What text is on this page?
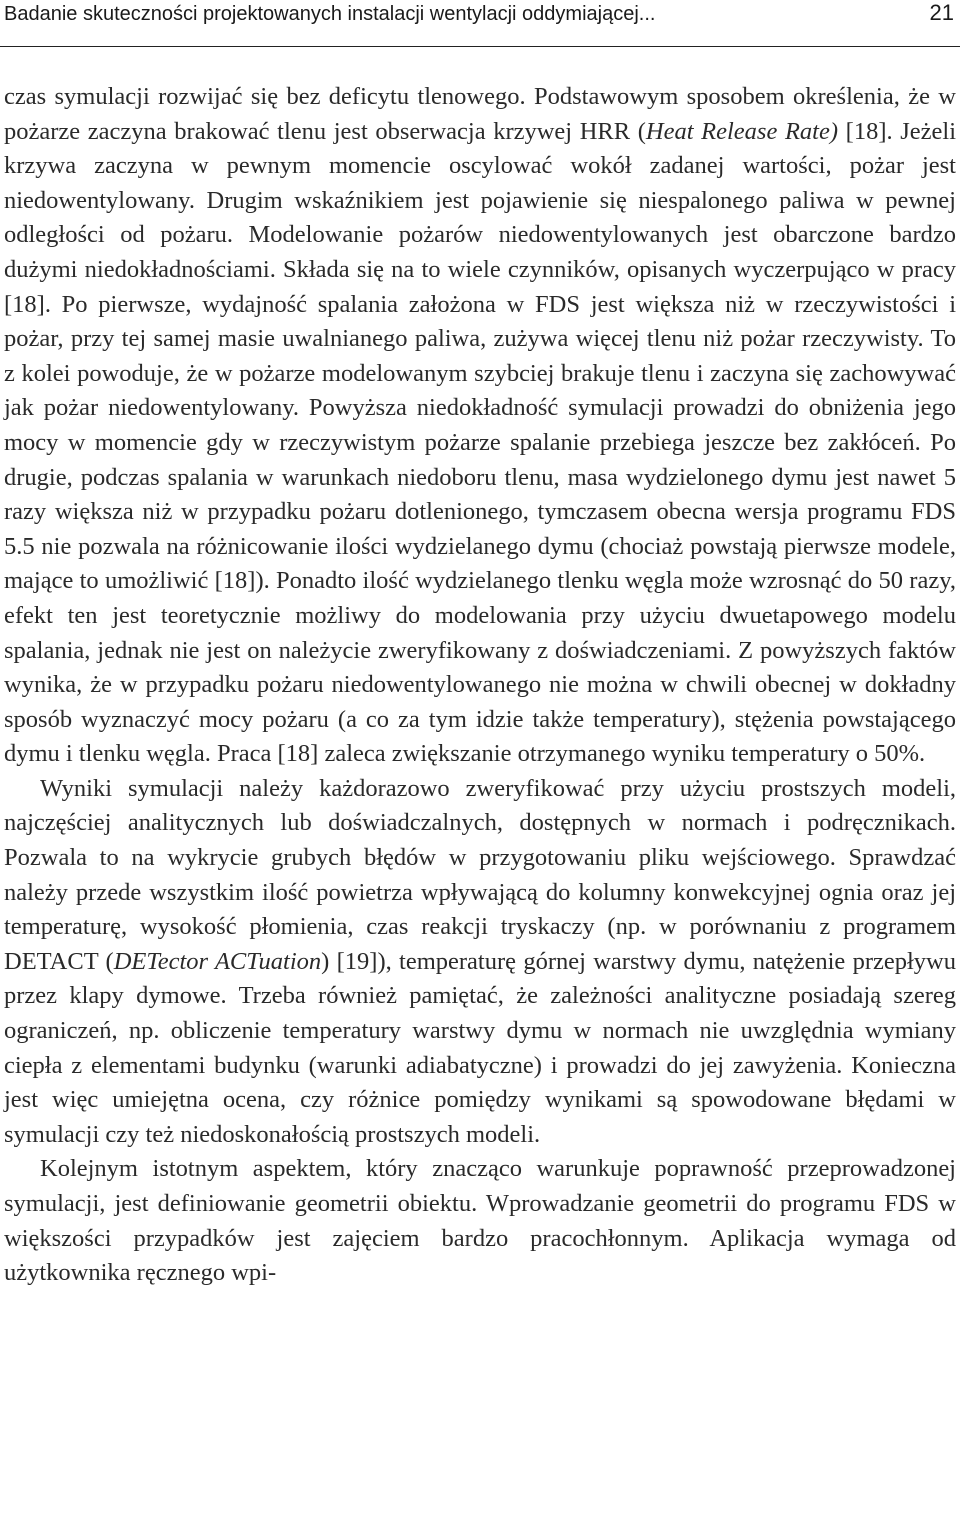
Badanie skuteczności projektowanych instalacji wentylacji oddymiającej...	21

czas symulacji rozwijać się bez deficytu tlenowego. Podstawowym sposobem określenia, że w pożarze zaczyna brakować tlenu jest obserwacja krzywej HRR (Heat Release Rate) [18]. Jeżeli krzywa zaczyna w pewnym momencie oscylować wokół zadanej wartości, pożar jest niedowentylowany. Drugim wskaźnikiem jest pojawienie się niespalonego paliwa w pewnej odległości od pożaru. Modelowanie pożarów niedowentylowanych jest obarczone bardzo dużymi niedokładnościami. Składa się na to wiele czynników, opisanych wyczerpująco w pracy [18]. Po pierwsze, wydajność spalania założona w FDS jest większa niż w rzeczywistości i pożar, przy tej samej masie uwalnianego paliwa, zużywa więcej tlenu niż pożar rzeczywisty. To z kolei powoduje, że w pożarze modelowanym szybciej brakuje tlenu i zaczyna się zachowywać jak pożar niedowentylowany. Powyższa niedokładność symulacji prowadzi do obniżenia jego mocy w momencie gdy w rzeczywistym pożarze spalanie przebiega jeszcze bez zakłóceń. Po drugie, podczas spalania w warunkach niedoboru tlenu, masa wydzielonego dymu jest nawet 5 razy większa niż w przypadku pożaru dotlenionego, tymczasem obecna wersja programu FDS 5.5 nie pozwala na różnicowanie ilości wydzielanego dymu (chociaż powstają pierwsze modele, mające to umożliwić [18]). Ponadto ilość wydzielanego tlenku węgla może wzrosnąć do 50 razy, efekt ten jest teoretycznie możliwy do modelowania przy użyciu dwuetapowego modelu spalania, jednak nie jest on należycie zweryfikowany z doświadczeniami. Z powyższych faktów wynika, że w przypadku pożaru niedowentylowanego nie można w chwili obecnej w dokładny sposób wyznaczyć mocy pożaru (a co za tym idzie także temperatury), stężenia powstającego dymu i tlenku węgla. Praca [18] zaleca zwiększanie otrzymanego wyniku temperatury o 50%.

Wyniki symulacji należy każdorazowo zweryfikować przy użyciu prostszych modeli, najczęściej analitycznych lub doświadczalnych, dostępnych w normach i podręcznikach. Pozwala to na wykrycie grubych błędów w przygotowaniu pliku wejściowego. Sprawdzać należy przede wszystkim ilość powietrza wpływającą do kolumny konwekcyjnej ognia oraz jej temperaturę, wysokość płomienia, czas reakcji tryskaczy (np. w porównaniu z programem DETACT (DETector ACTuation) [19]), temperaturę górnej warstwy dymu, natężenie przepływu przez klapy dymowe. Trzeba również pamiętać, że zależności analityczne posiadają szereg ograniczeń, np. obliczenie temperatury warstwy dymu w normach nie uwzględnia wymiany ciepła z elementami budynku (warunki adiabatyczne) i prowadzi do jej zawyżenia. Konieczna jest więc umiejętna ocena, czy różnice pomiędzy wynikami są spowodowane błędami w symulacji czy też niedoskonałością prostszych modeli.

Kolejnym istotnym aspektem, który znacząco warunkuje poprawność przeprowadzonej symulacji, jest definiowanie geometrii obiektu. Wprowadzanie geometrii do programu FDS w większości przypadków jest zajęciem bardzo pracochłonnym. Aplikacja wymaga od użytkownika ręcznego wpi-
